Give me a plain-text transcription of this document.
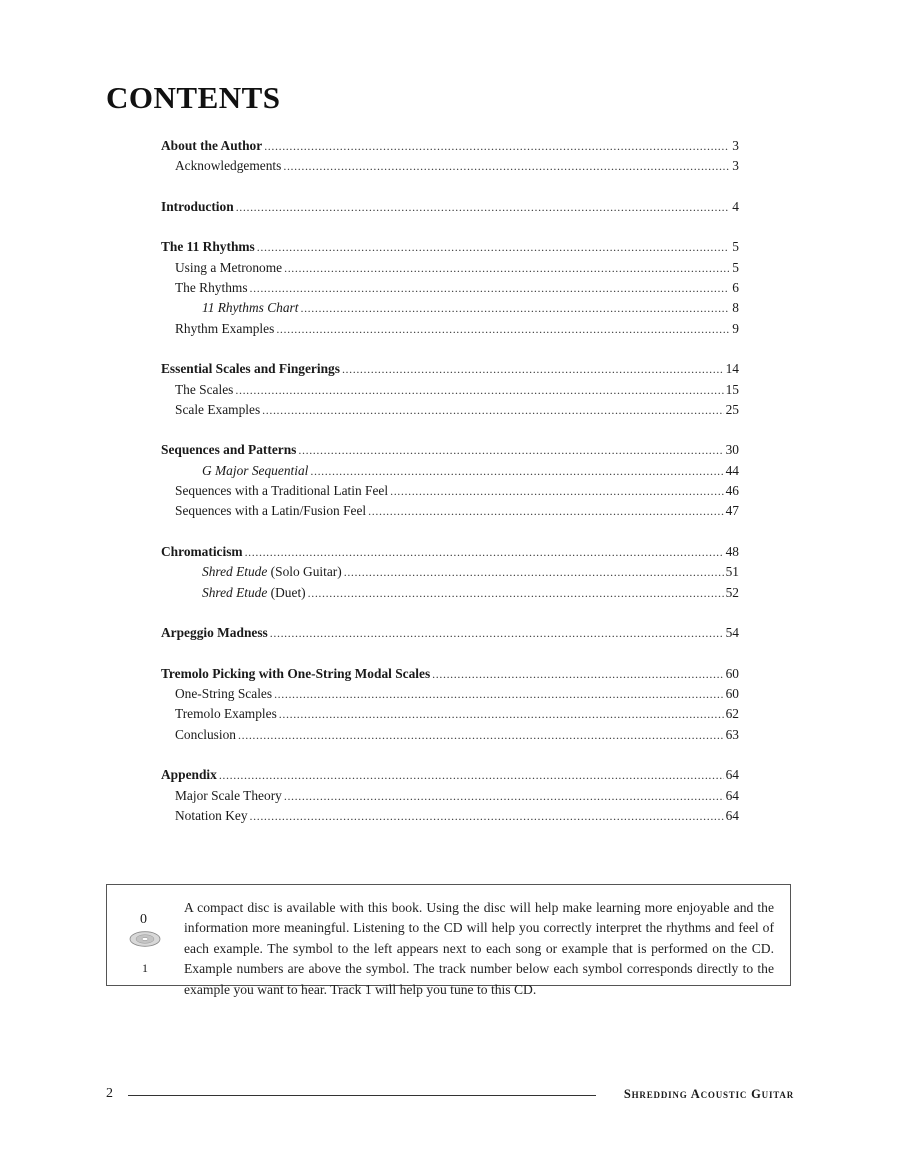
CONTENTS
About the Author .....	3
Acknowledgements .....	3
Introduction .....	4
The 11 Rhythms .....	5
Using a Metronome .....	5
The Rhythms .....	6
11 Rhythms Chart .....	8
Rhythm Examples .....	9
Essential Scales and Fingerings .....	14
The Scales .....	15
Scale Examples .....	25
Sequences and Patterns .....	30
G Major Sequential .....	44
Sequences with a Traditional Latin Feel .....	46
Sequences with a Latin/Fusion Feel .....	47
Chromaticism .....	48
Shred Etude (Solo Guitar) .....	51
Shred Etude (Duet) .....	52
Arpeggio Madness .....	54
Tremolo Picking with One-String Modal Scales .....	60
One-String Scales .....	60
Tremolo Examples .....	62
Conclusion .....	63
Appendix .....	64
Major Scale Theory .....	64
Notation Key .....	64
0
1
A compact disc is available with this book. Using the disc will help make learning more enjoyable and the information more meaningful. Listening to the CD will help you correctly interpret the rhythms and feel of each example. The symbol to the left appears next to each song or example that is performed on the CD. Example numbers are above the symbol. The track number below each symbol corresponds directly to the example you want to hear. Track 1 will help you tune to this CD.
2	Shredding Acoustic Guitar
